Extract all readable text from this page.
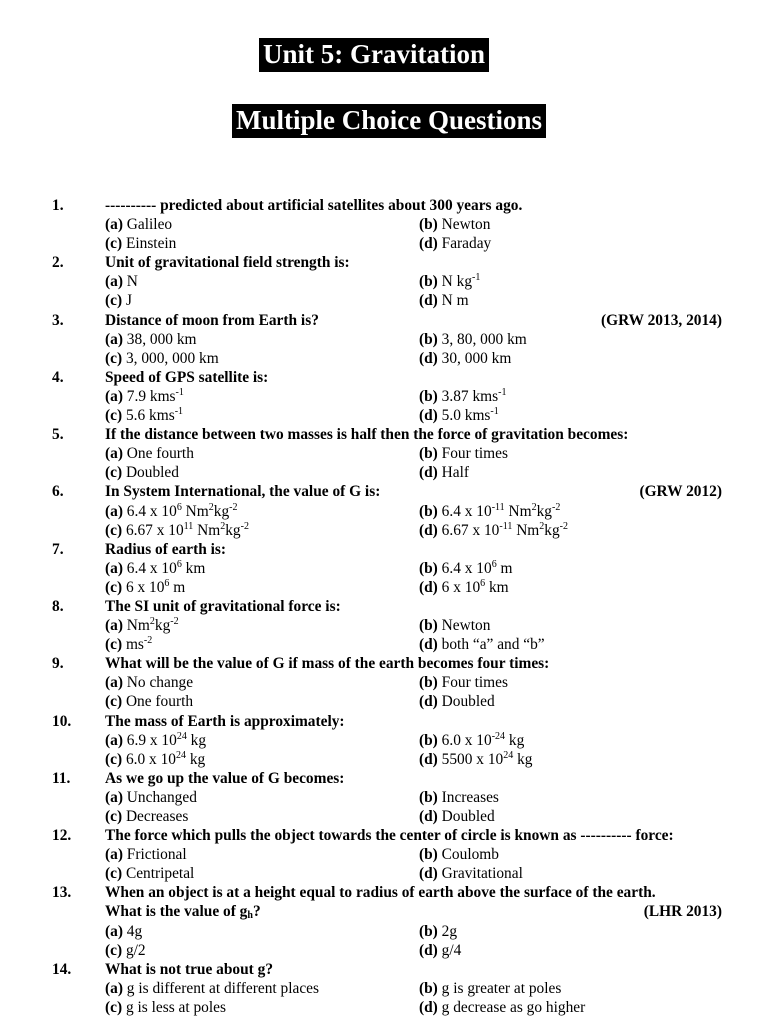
Unit 5: Gravitation
Multiple Choice Questions
1.	---------- predicted about artificial satellites about 300 years ago.
(a) Galileo	(b) Newton
(c) Einstein	(d) Faraday
2.	Unit of gravitational field strength is:
(a) N	(b) N $kg^{-1}$
(c) J	(d) N m
3.	Distance of moon from Earth is?	(GRW 2013, 2014)
(a) 38, 000 km	(b) 3, 80, 000 km
(c) 3, 000, 000 km	(d) 30, 000 km
4.	Speed of GPS satellite is:
(a) 7.9 kms$^{-1}$	(b) 3.87 kms$^{-1}$
(c) 5.6 kms$^{-1}$	(d) 5.0 kms$^{-1}$
5.	If the distance between two masses is half then the force of gravitation becomes:
(a) One fourth	(b) Four times
(c) Doubled	(d) Half
6.	In System International, the value of G is:	(GRW 2012)
(a) 6.4 x $10^6$ $Nm^2kg^{-2}$	(b) 6.4 x $10^{-11}$ $Nm^2kg^{-2}$
(c) 6.67 x $10^{11}$ $Nm^2kg^{-2}$	(d) 6.67 x $10^{-11}$ $Nm^2kg^{-2}$
7.	Radius of earth is:
(a) 6.4 x $10^6$ km	(b) 6.4 x $10^6$ m
(c) 6 x $10^6$ m	(d) 6 x $10^6$ km
8.	The SI unit of gravitational force is:
(a) $Nm^2kg^{-2}$	(b) Newton
(c) $ms^{-2}$	(d) both “a” and “b”
9.	What will be the value of G if mass of the earth becomes four times:
(a) No change	(b) Four times
(c) One fourth	(d) Doubled
10. The mass of Earth is approximately:
(a) 6.9 x $10^{24}$ kg	(b) 6.0 x $10^{-24}$ kg
(c) 6.0 x $10^{24}$ kg	(d) 5500 x $10^{24}$ kg
11. As we go up the value of G becomes:
(a) Unchanged	(b) Increases
(c) Decreases	(d) Doubled
12. The force which pulls the object towards the center of circle is known as ---------- force:
(a) Frictional	(b) Coulomb
(c) Centripetal	(d) Gravitational
13. When an object is at a height equal to radius of earth above the surface of the earth.
What is the value of $g_h$?	(LHR 2013)
(a) 4g	(b) 2g
(c) g/2	(d) g/4
14. What is not true about g?
(a) g is different at different places	(b) g is greater at poles
(c) g is less at poles	(d) g decrease as go higher
